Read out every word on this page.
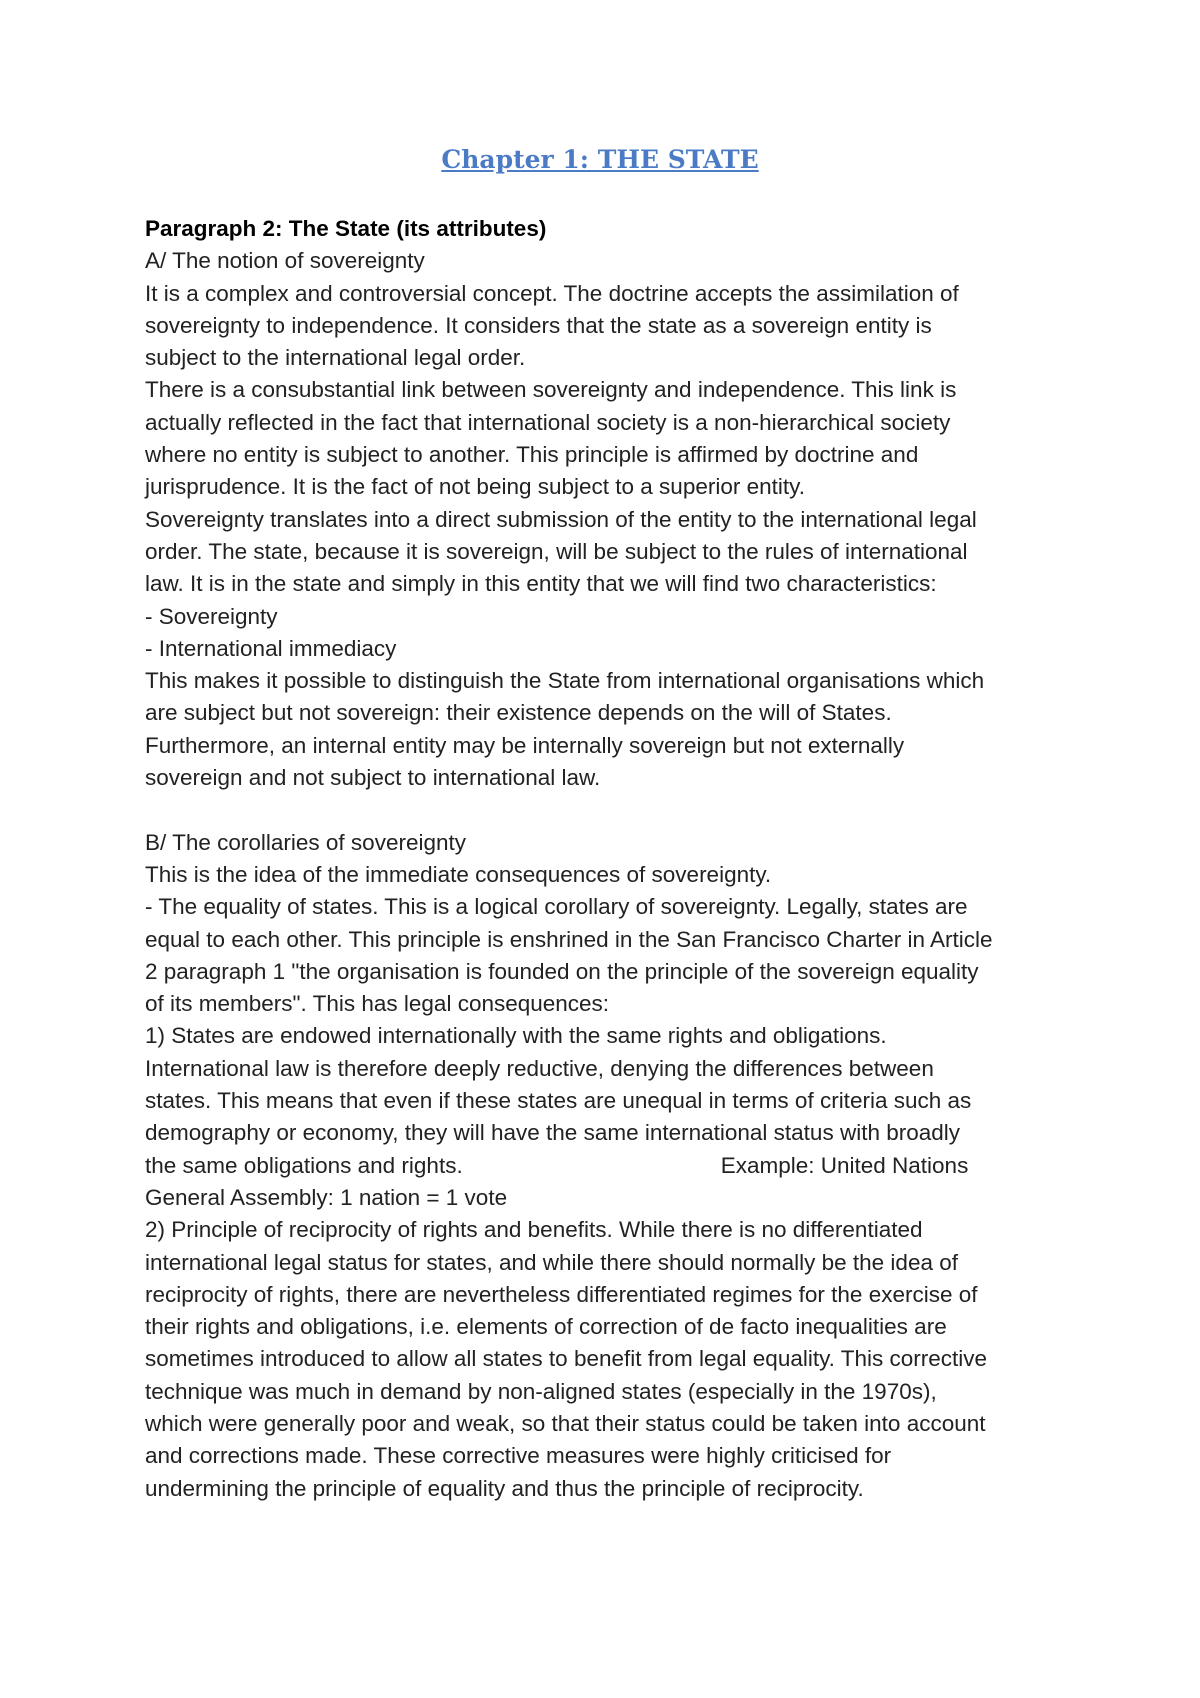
Chapter 1: THE STATE
Paragraph 2: The State (its attributes)
A/ The notion of sovereignty
It is a complex and controversial concept. The doctrine accepts the assimilation of
sovereignty to independence. It considers that the state as a sovereign entity is
subject to the international legal order.
There is a consubstantial link between sovereignty and independence. This link is
actually reflected in the fact that international society is a non-hierarchical society
where no entity is subject to another. This principle is affirmed by doctrine and
jurisprudence. It is the fact of not being subject to a superior entity.
Sovereignty translates into a direct submission of the entity to the international legal
order. The state, because it is sovereign, will be subject to the rules of international
law. It is in the state and simply in this entity that we will find two characteristics:
- Sovereignty
- International immediacy
This makes it possible to distinguish the State from international organisations which
are subject but not sovereign: their existence depends on the will of States.
Furthermore, an internal entity may be internally sovereign but not externally
sovereign and not subject to international law.
B/ The corollaries of sovereignty
This is the idea of the immediate consequences of sovereignty.
- The equality of states. This is a logical corollary of sovereignty. Legally, states are
equal to each other. This principle is enshrined in the San Francisco Charter in Article
2 paragraph 1 "the organisation is founded on the principle of the sovereign equality
of its members". This has legal consequences:
1) States are endowed internationally with the same rights and obligations.
International law is therefore deeply reductive, denying the differences between
states. This means that even if these states are unequal in terms of criteria such as
demography or economy, they will have the same international status with broadly
the same obligations and rights.	Example: United Nations
General Assembly: 1 nation = 1 vote
2) Principle of reciprocity of rights and benefits. While there is no differentiated
international legal status for states, and while there should normally be the idea of
reciprocity of rights, there are nevertheless differentiated regimes for the exercise of
their rights and obligations, i.e. elements of correction of de facto inequalities are
sometimes introduced to allow all states to benefit from legal equality. This corrective
technique was much in demand by non-aligned states (especially in the 1970s),
which were generally poor and weak, so that their status could be taken into account
and corrections made. These corrective measures were highly criticised for
undermining the principle of equality and thus the principle of reciprocity.
